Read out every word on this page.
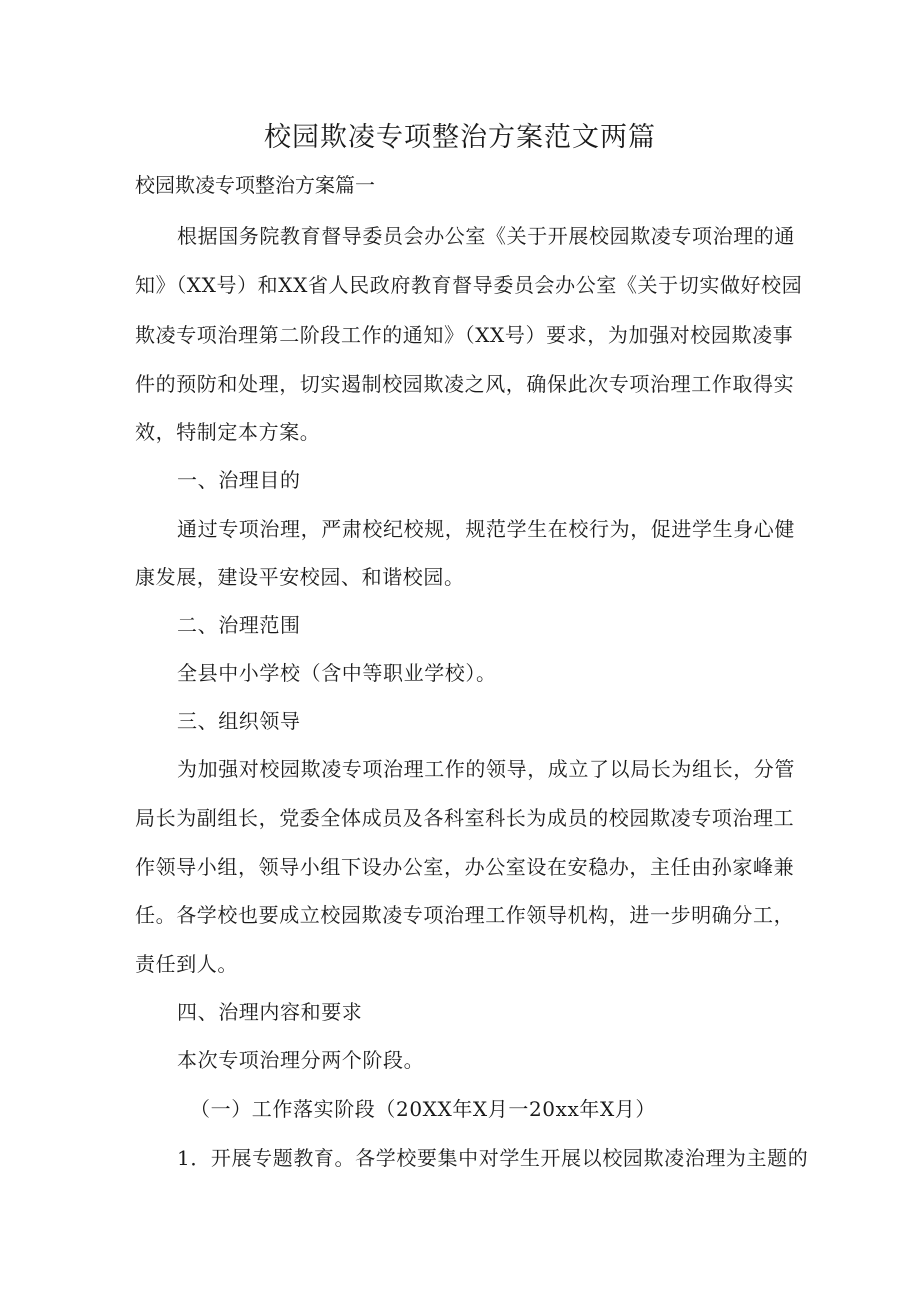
校园欺凌专项整治方案范文两篇
校园欺凌专项整治方案篇一
根据国务院教育督导委员会办公室《关于开展校园欺凌专项治理的通
知》（XX号）和XX省人民政府教育督导委员会办公室《关于切实做好校园
欺凌专项治理第二阶段工作的通知》（XX号）要求，为加强对校园欺凌事
件的预防和处理，切实遏制校园欺凌之风，确保此次专项治理工作取得实
效，特制定本方案。
一、治理目的
通过专项治理，严肃校纪校规，规范学生在校行为，促进学生身心健
康发展，建设平安校园、和谐校园。
二、治理范围
全县中小学校（含中等职业学校）。
三、组织领导
为加强对校园欺凌专项治理工作的领导，成立了以局长为组长，分管
局长为副组长，党委全体成员及各科室科长为成员的校园欺凌专项治理工
作领导小组，领导小组下设办公室，办公室设在安稳办，主任由孙家峰兼
任。各学校也要成立校园欺凌专项治理工作领导机构，进一步明确分工，
责任到人。
四、治理内容和要求
本次专项治理分两个阶段。
（一）工作落实阶段（20XX年X月一20xx年X月）
1．开展专题教育。各学校要集中对学生开展以校园欺凌治理为主题的
